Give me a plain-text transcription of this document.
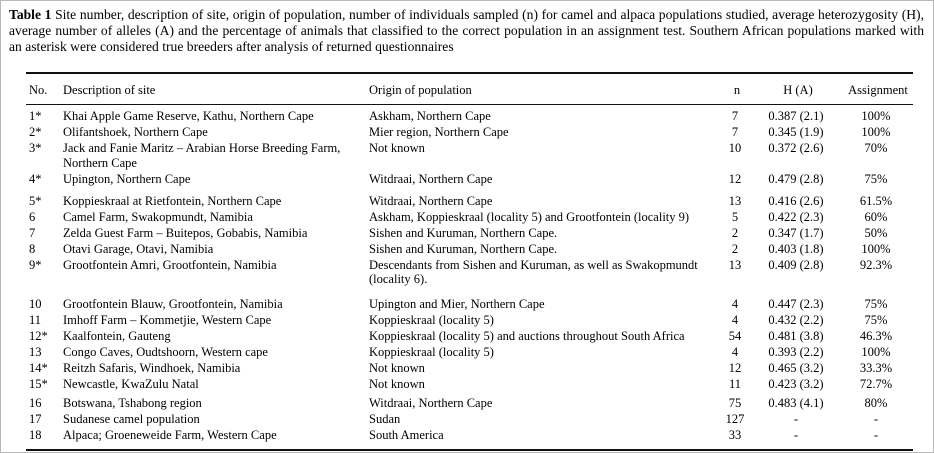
Table 1 Site number, description of site, origin of population, number of individuals sampled (n) for camel and alpaca populations studied, average heterozygosity (H), average number of alleles (A) and the percentage of animals that classified to the correct population in an assignment test. Southern African populations marked with an asterisk were considered true breeders after analysis of returned questionnaires

No.	Description of site	Origin of population	n	H (A)	Assignment
1*	Khai Apple Game Reserve, Kathu, Northern Cape	Askham, Northern Cape	7	0.387 (2.1)	100%
2*	Olifantshoek, Northern Cape	Mier region, Northern Cape	7	0.345 (1.9)	100%
3*	Jack and Fanie Maritz – Arabian Horse Breeding Farm, Northern Cape	Not known	10	0.372 (2.6)	70%
4*	Upington, Northern Cape	Witdraai, Northern Cape	12	0.479 (2.8)	75%
5*	Koppieskraal at Rietfontein, Northern Cape	Witdraai, Northern Cape	13	0.416 (2.6)	61.5%
6	Camel Farm, Swakopmundt, Namibia	Askham, Koppieskraal (locality 5) and Grootfontein (locality 9)	5	0.422 (2.3)	60%
7	Zelda Guest Farm – Buitepos, Gobabis, Namibia	Sishen and Kuruman, Northern Cape.	2	0.347 (1.7)	50%
8	Otavi Garage, Otavi, Namibia	Sishen and Kuruman, Northern Cape.	2	0.403 (1.8)	100%
9*	Grootfontein Amri, Grootfontein, Namibia	Descendants from Sishen and Kuruman, as well as Swakopmundt (locality 6).	13	0.409 (2.8)	92.3%
10	Grootfontein Blauw, Grootfontein, Namibia	Upington and Mier, Northern Cape	4	0.447 (2.3)	75%
11	Imhoff Farm – Kommetjie, Western Cape	Koppieskraal (locality 5)	4	0.432 (2.2)	75%
12*	Kaalfontein, Gauteng	Koppieskraal (locality 5) and auctions throughout South Africa	54	0.481 (3.8)	46.3%
13	Congo Caves, Oudtshoorn, Western cape	Koppieskraal (locality 5)	4	0.393 (2.2)	100%
14*	Reitzh Safaris, Windhoek, Namibia	Not known	12	0.465 (3.2)	33.3%
15*	Newcastle, KwaZulu Natal	Not known	11	0.423 (3.2)	72.7%
16	Botswana, Tshabong region	Witdraai, Northern Cape	75	0.483 (4.1)	80%
17	Sudanese camel population	Sudan	127	-	-
18	Alpaca; Groeneweide Farm, Western Cape	South America	33	-	-
